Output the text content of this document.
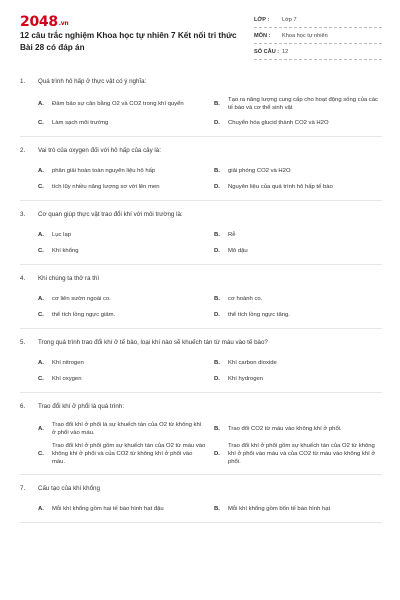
2048.vn
12 câu trắc nghiệm Khoa học tự nhiên 7 Kết nối tri thức Bài 28 có đáp án
LỚP :	Lớp 7
MÔN :	Khoa học tự nhiên
SỐ CÂU : 12
1.	Quá trình hô hấp ở thực vật có ý nghĩa:
A.	Đảm bảo sự cân bằng O2 và CO2 trong khí quyển	B.
Tạo ra năng lượng cung cấp cho hoạt động sống của các tế bào và cơ thể sinh vật
C.	Làm sạch môi trường	D.	Chuyển hóa glucid thành CO2 và H2O
2.	Vai trò của oxygen đối với hô hấp của cây là:
A.	phân giải hoàn toàn nguyên liệu hô hấp	B.	giải phóng CO2 và H2O
C.	tích lũy nhiều năng lượng sơ với lên men	D.	Nguyên liệu của quá trình hô hấp tế bào
3.	Cơ quan giúp thực vật trao đổi khí với môi trường là:
A.	Lục lạp	B.	Rễ
C.	Khí khổng	D.	Mô dậu
4.	Khi chúng ta thở ra thì
A.	cơ liên sườn ngoài co.	B.	cơ hoành co.
C.	thể tích lồng ngực giảm.	D.	thể tích lồng ngực tăng.
5.	Trong quá trình trao đổi khí ở tế bào, loại khí nào sẽ khuếch tán từ máu vào tế bào?
A.	Khí nitrogen	B.	Khí carbon dioxide
C.	Khí oxygen	D.	Khí hydrogen
6.	Trao đổi khí ở phổi là quá trình:
A.
Trao đổi khí ở phổi là sự khuếch tán của O2 từ không khí ở phổi vào máu.
B.	Trao đổi CO2 từ máu vào không khí ở phổi.
C.
Trao đổi khí ở phổi gồm sự khuếch tán của O2 từ máu vào không khí ở phổi và của CO2 từ không khí ở phổi vào máu.
D.
Trao đổi khí ở phổi gồm sự khuếch tán của O2 từ không khí ở phổi vào máu và của CO2 từ máu vào không khí ở phổi.
7.	Cấu tạo của khí khổng
A.	Mỗi khí khổng gồm hai tế bào hình hạt đậu	B.	Mỗi khí khổng gồm bốn tế bào hình hạt
